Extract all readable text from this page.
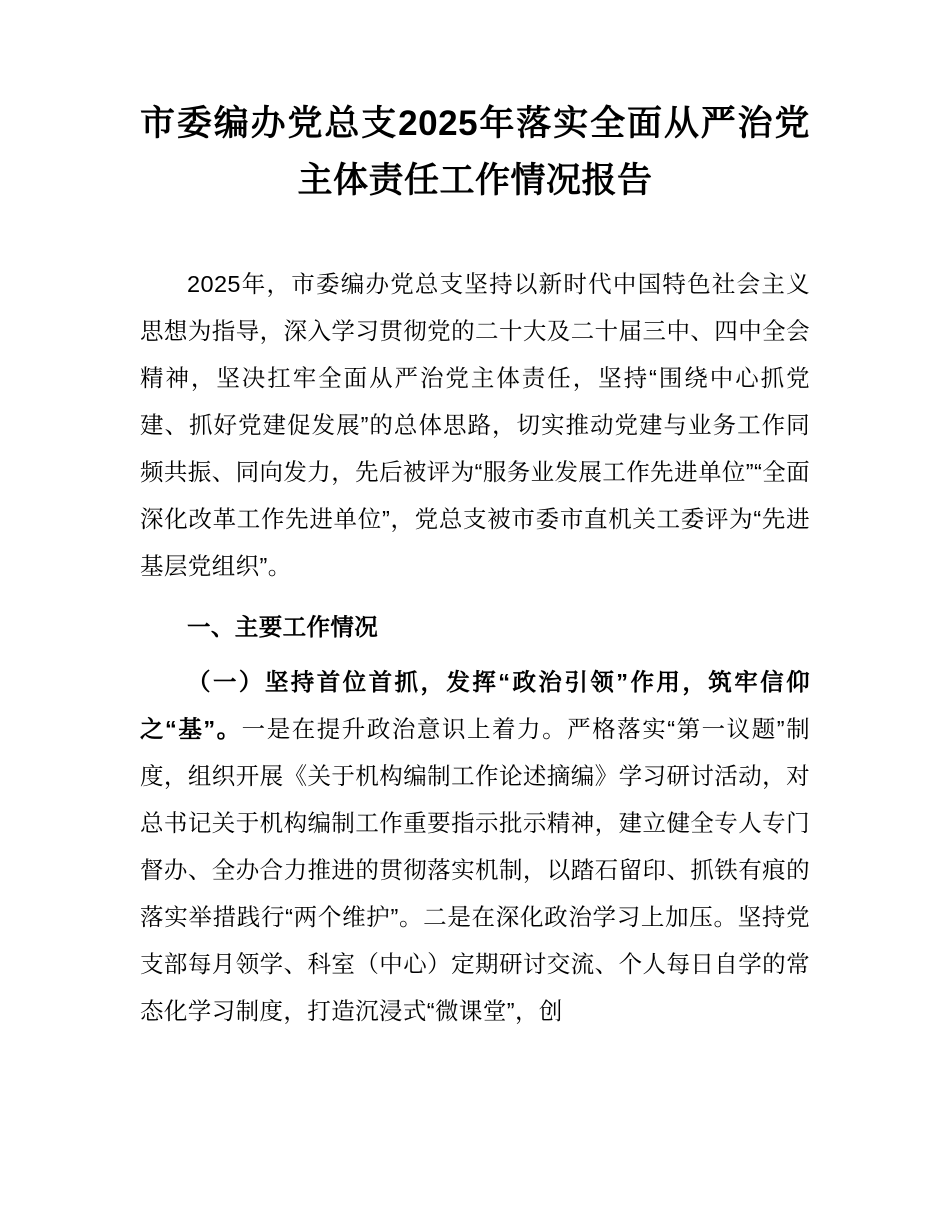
市委编办党总支2025年落实全面从严治党主体责任工作情况报告

2025年，市委编办党总支坚持以新时代中国特色社会主义思想为指导，深入学习贯彻党的二十大及二十届三中、四中全会精神，坚决扛牢全面从严治党主体责任，坚持“围绕中心抓党建、抓好党建促发展”的总体思路，切实推动党建与业务工作同频共振、同向发力，先后被评为“服务业发展工作先进单位”“全面深化改革工作先进单位”，党总支被市委市直机关工委评为“先进基层党组织”。

一、主要工作情况

（一）坚持首位首抓，发挥“政治引领”作用，筑牢信仰之“基”。一是在提升政治意识上着力。严格落实“第一议题”制度，组织开展《关于机构编制工作论述摘编》学习研讨活动，对总书记关于机构编制工作重要指示批示精神，建立健全专人专门督办、全办合力推进的贯彻落实机制，以踏石留印、抓铁有痕的落实举措践行“两个维护”。二是在深化政治学习上加压。坚持党支部每月领学、科室（中心）定期研讨交流、个人每日自学的常态化学习制度，打造沉浸式“微课堂”，创
